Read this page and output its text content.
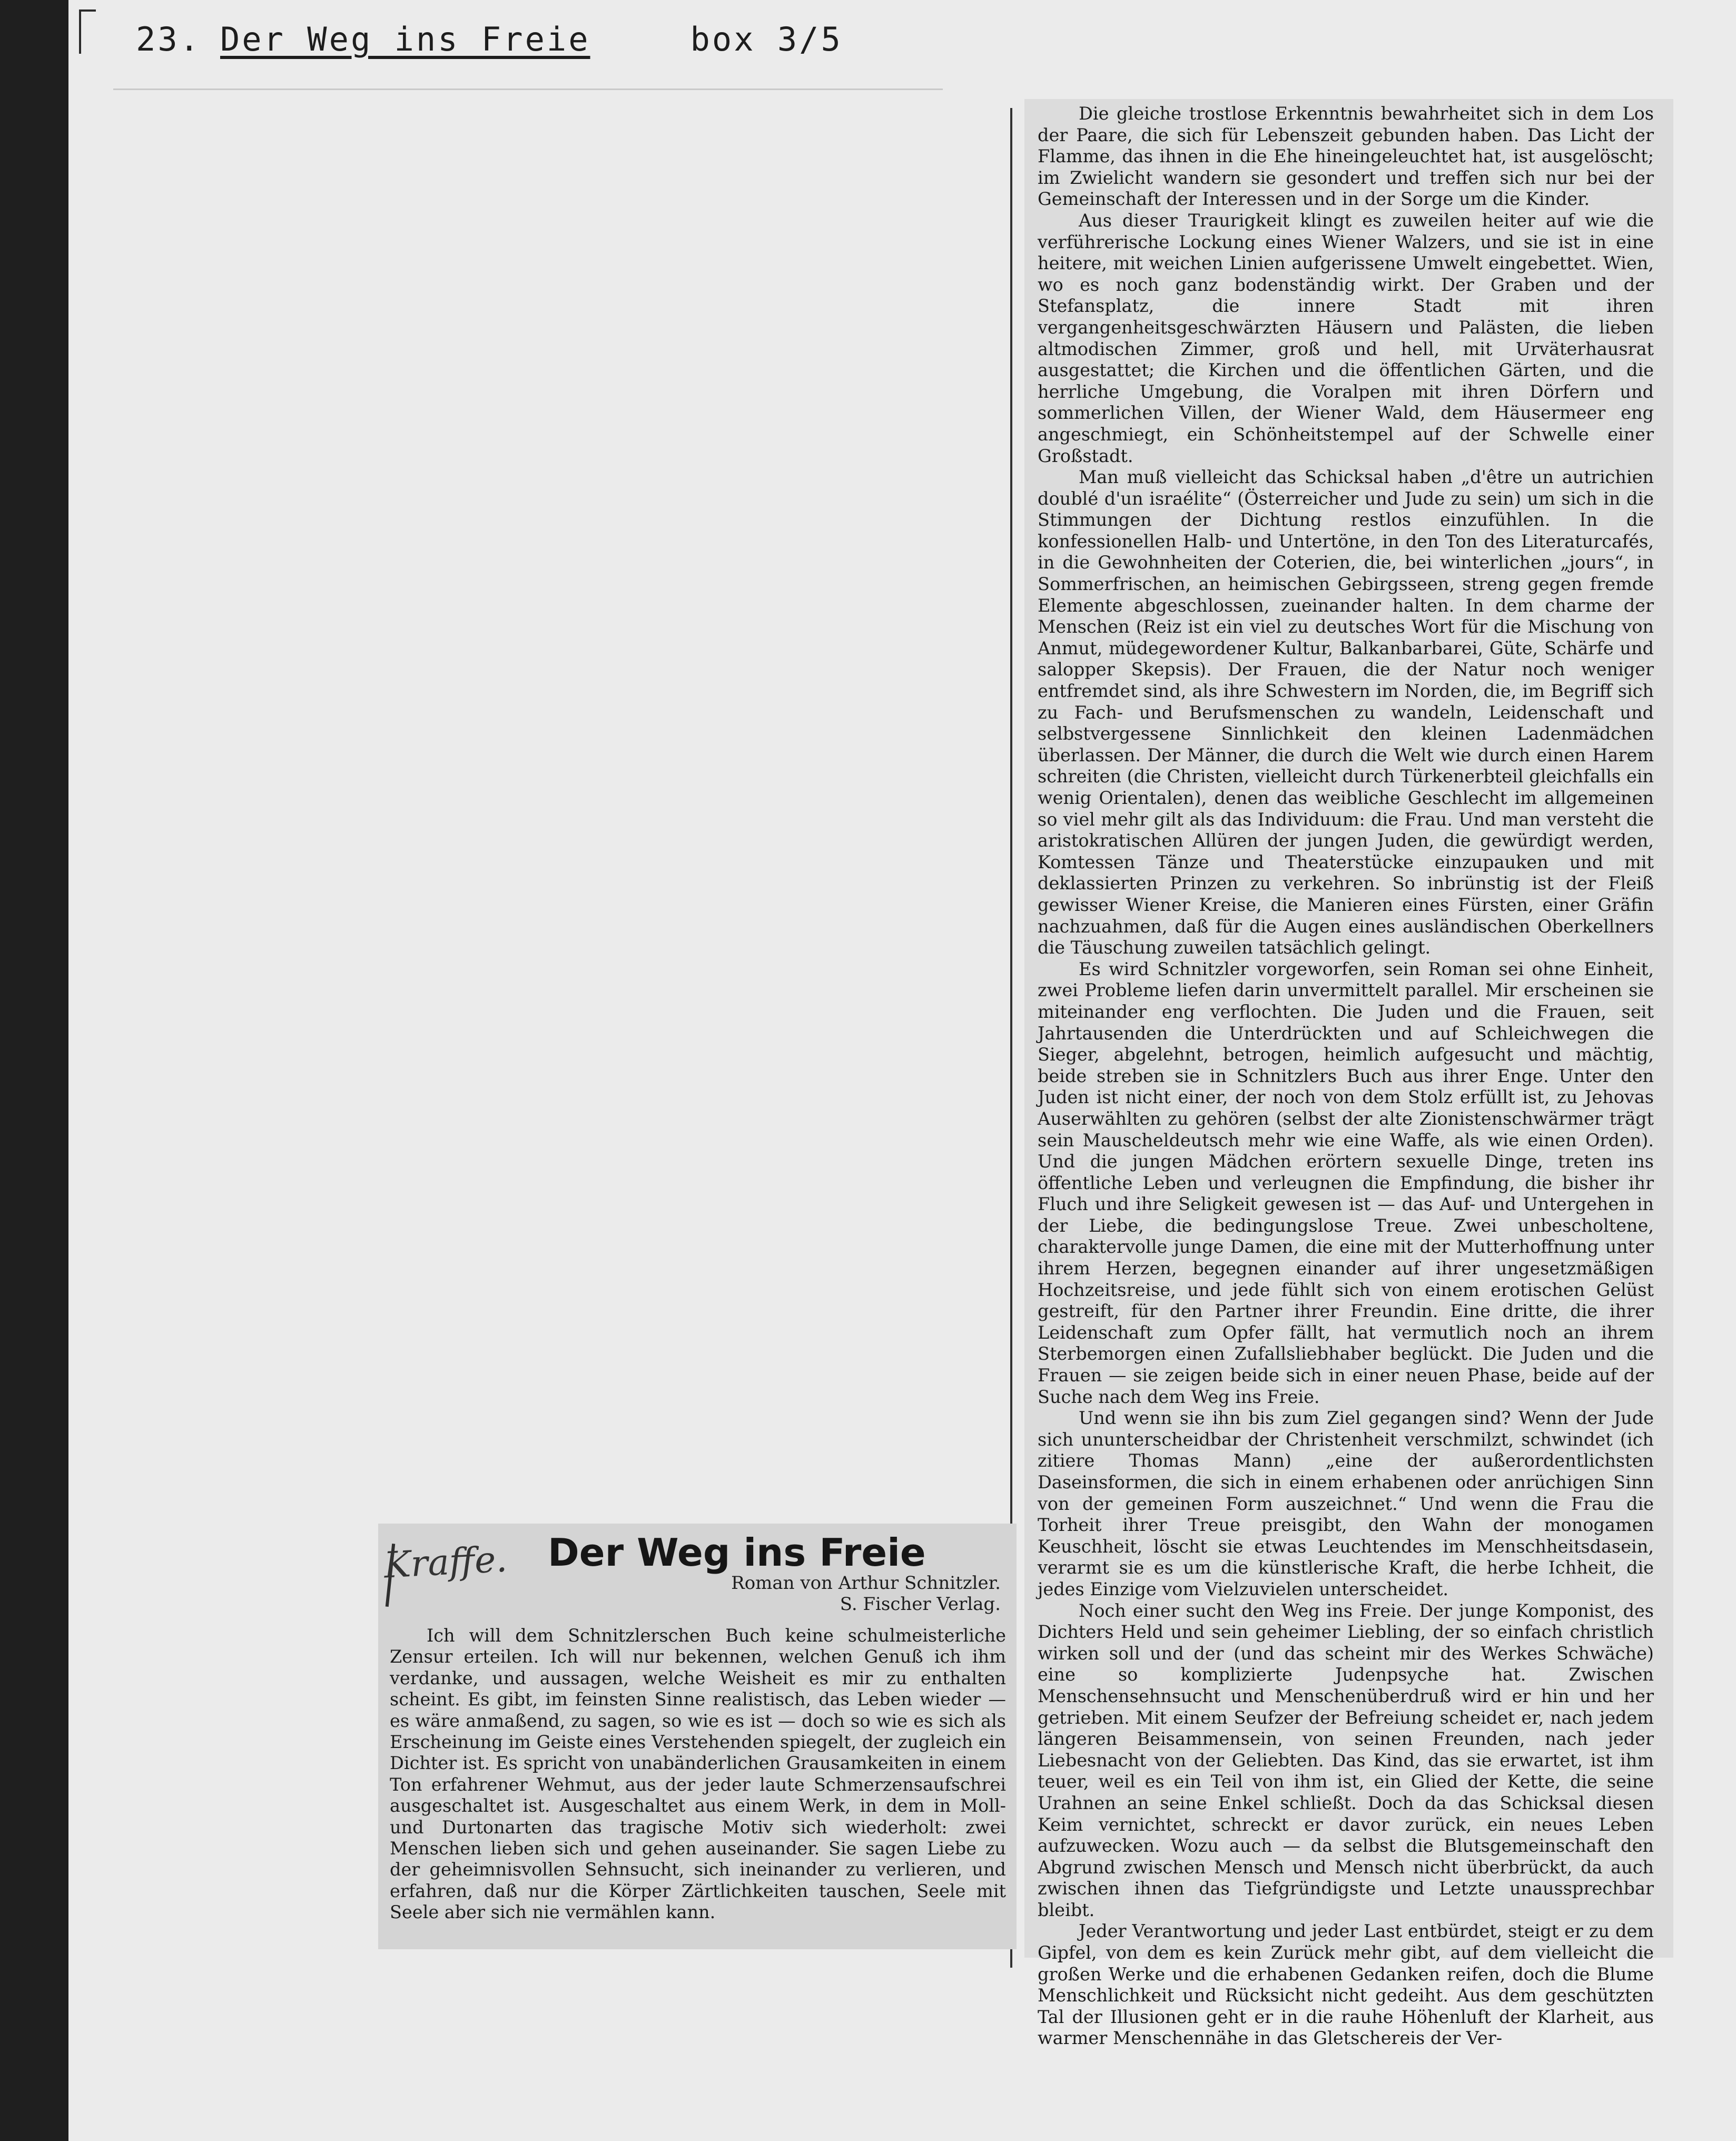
23. Der Weg ins Freie	box 3/5

Die gleiche trostlose Erkenntnis bewahrheitet sich in dem Los der Paare, die sich für Lebenszeit gebunden haben. Das Licht der Flamme, das ihnen in die Ehe hineingeleuchtet hat, ist ausgelöscht; im Zwielicht wandern sie gesondert und treffen sich nur bei der Gemeinschaft der Interessen und in der Sorge um die Kinder.

Aus dieser Traurigkeit klingt es zuweilen heiter auf wie die verführerische Lockung eines Wiener Walzers, und sie ist in eine heitere, mit weichen Linien aufgerissene Umwelt eingebettet. Wien, wo es noch ganz bodenständig wirkt. Der Graben und der Stefansplatz, die innere Stadt mit ihren vergangenheitsgeschwärzten Häusern und Palästen, die lieben altmodischen Zimmer, groß und hell, mit Urväterhausrat ausgestattet; die Kirchen und die öffentlichen Gärten, und die herrliche Umgebung, die Voralpen mit ihren Dörfern und sommerlichen Villen, der Wiener Wald, dem Häusermeer eng angeschmiegt, ein Schönheitstempel auf der Schwelle einer Großstadt.

Man muß vielleicht das Schicksal haben „d'être un autrichien doublé d'un israélite“ (Österreicher und Jude zu sein) um sich in die Stimmungen der Dichtung restlos einzufühlen. In die konfessionellen Halb- und Untertöne, in den Ton des Literaturcafés, in die Gewohnheiten der Coterien, die, bei winterlichen „jours“, in Sommerfrischen, an heimischen Gebirgsseen, streng gegen fremde Elemente abgeschlossen, zueinander halten. In dem charme der Menschen (Reiz ist ein viel zu deutsches Wort für die Mischung von Anmut, müdegewordener Kultur, Balkanbarbarei, Güte, Schärfe und salopper Skepsis). Der Frauen, die der Natur noch weniger entfremdet sind, als ihre Schwestern im Norden, die, im Begriff sich zu Fach- und Berufsmenschen zu wandeln, Leidenschaft und selbstvergessene Sinnlichkeit den kleinen Ladenmädchen überlassen. Der Männer, die durch die Welt wie durch einen Harem schreiten (die Christen, vielleicht durch Türkenerbteil gleichfalls ein wenig Orientalen), denen das weibliche Geschlecht im allgemeinen so viel mehr gilt als das Individuum: die Frau. Und man versteht die aristokratischen Allüren der jungen Juden, die gewürdigt werden, Komtessen Tänze und Theaterstücke einzupauken und mit deklassierten Prinzen zu verkehren. So inbrünstig ist der Fleiß gewisser Wiener Kreise, die Manieren eines Fürsten, einer Gräfin nachzuahmen, daß für die Augen eines ausländischen Oberkellners die Täuschung zuweilen tatsächlich gelingt.

Es wird Schnitzler vorgeworfen, sein Roman sei ohne Einheit, zwei Probleme liefen darin unvermittelt parallel. Mir erscheinen sie miteinander eng verflochten. Die Juden und die Frauen, seit Jahrtausenden die Unterdrückten und auf Schleichwegen die Sieger, abgelehnt, betrogen, heimlich aufgesucht und mächtig, beide streben sie in Schnitzlers Buch aus ihrer Enge. Unter den Juden ist nicht einer, der noch von dem Stolz erfüllt ist, zu Jehovas Auserwählten zu gehören (selbst der alte Zionistenschwärmer trägt sein Mauscheldeutsch mehr wie eine Waffe, als wie einen Orden). Und die jungen Mädchen erörtern sexuelle Dinge, treten ins öffentliche Leben und verleugnen die Empfindung, die bisher ihr Fluch und ihre Seligkeit gewesen ist — das Auf- und Untergehen in der Liebe, die bedingungslose Treue. Zwei unbescholtene, charaktervolle junge Damen, die eine mit der Mutterhoffnung unter ihrem Herzen, begegnen einander auf ihrer ungesetzmäßigen Hochzeitsreise, und jede fühlt sich von einem erotischen Gelüst gestreift, für den Partner ihrer Freundin. Eine dritte, die ihrer Leidenschaft zum Opfer fällt, hat vermutlich noch an ihrem Sterbemorgen einen Zufallsliebhaber beglückt. Die Juden und die Frauen — sie zeigen beide sich in einer neuen Phase, beide auf der Suche nach dem Weg ins Freie.

Und wenn sie ihn bis zum Ziel gegangen sind? Wenn der Jude sich ununterscheidbar der Christenheit verschmilzt, schwindet (ich zitiere Thomas Mann) „eine der außerordentlichsten Daseinsformen, die sich in einem erhabenen oder anrüchigen Sinn von der gemeinen Form auszeichnet.“ Und wenn die Frau die Torheit ihrer Treue preisgibt, den Wahn der monogamen Keuschheit, löscht sie etwas Leuchtendes im Menschheitsdasein, verarmt sie es um die künstlerische Kraft, die herbe Ichheit, die jedes Einzige vom Vielzuvielen unterscheidet.

Noch einer sucht den Weg ins Freie. Der junge Komponist, des Dichters Held und sein geheimer Liebling, der so einfach christlich wirken soll und der (und das scheint mir des Werkes Schwäche) eine so komplizierte Judenpsyche hat. Zwischen Menschensehnsucht und Menschenüberdruß wird er hin und her getrieben. Mit einem Seufzer der Befreiung scheidet er, nach jedem längeren Beisammensein, von seinen Freunden, nach jeder Liebesnacht von der Geliebten. Das Kind, das sie erwartet, ist ihm teuer, weil es ein Teil von ihm ist, ein Glied der Kette, die seine Urahnen an seine Enkel schließt. Doch da das Schicksal diesen Keim vernichtet, schreckt er davor zurück, ein neues Leben aufzuwecken. Wozu auch — da selbst die Blutsgemeinschaft den Abgrund zwischen Mensch und Mensch nicht überbrückt, da auch zwischen ihnen das Tiefgründigste und Letzte unaussprechbar bleibt.

Jeder Verantwortung und jeder Last entbürdet, steigt er zu dem Gipfel, von dem es kein Zurück mehr gibt, auf dem vielleicht die großen Werke und die erhabenen Gedanken reifen, doch die Blume Menschlichkeit und Rücksicht nicht gedeiht. Aus dem geschützten Tal der Illusionen geht er in die rauhe Höhenluft der Klarheit, aus warmer Menschennähe in das Gletschereis der Ver-

Kraffe.	Der Weg ins Freie
Roman von Arthur Schnitzler.
S. Fischer Verlag.

Ich will dem Schnitzlerschen Buch keine schulmeisterliche Zensur erteilen. Ich will nur bekennen, welchen Genuß ich ihm verdanke, und aussagen, welche Weisheit es mir zu enthalten scheint. Es gibt, im feinsten Sinne realistisch, das Leben wieder — es wäre anmaßend, zu sagen, so wie es ist — doch so wie es sich als Erscheinung im Geiste eines Verstehenden spiegelt, der zugleich ein Dichter ist. Es spricht von unabänderlichen Grausamkeiten in einem Ton erfahrener Wehmut, aus der jeder laute Schmerzensaufschrei ausgeschaltet ist. Ausgeschaltet aus einem Werk, in dem in Moll- und Durtonarten das tragische Motiv sich wiederholt: zwei Menschen lieben sich und gehen auseinander. Sie sagen Liebe zu der geheimnisvollen Sehnsucht, sich ineinander zu verlieren, und erfahren, daß nur die Körper Zärtlichkeiten tauschen, Seele mit Seele aber sich nie vermählen kann.
